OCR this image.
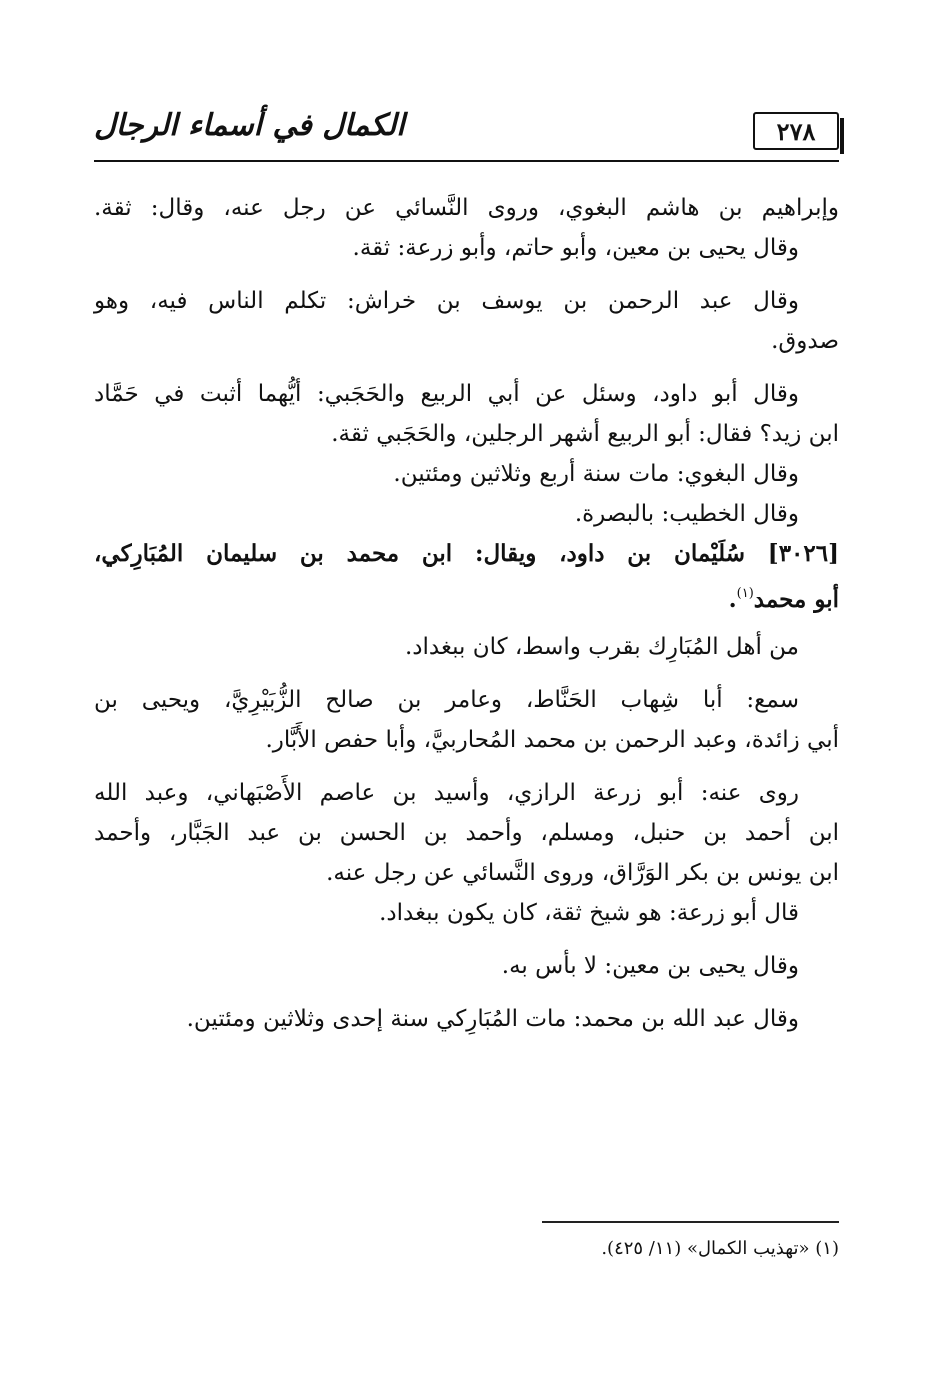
٢٧٨
الكمال في أسماء الرجال
وإبراهيم بن هاشم البغوي، وروى النَّسائي عن رجل عنه، وقال: ثقة.
وقال يحيى بن معين، وأبو حاتم، وأبو زرعة: ثقة.
وقال عبد الرحمن بن يوسف بن خراش: تكلم الناس فيه، وهو
صدوق.
وقال أبو داود، وسئل عن أبي الربيع والحَجَبي: أيُّهما أثبت في حَمَّاد
ابن زيد؟ فقال: أبو الربيع أشهر الرجلين، والحَجَبي ثقة.
وقال البغوي: مات سنة أربع وثلاثين ومئتين.
وقال الخطيب: بالبصرة.
[٣٠٢٦] سُلَيْمان بن داود، ويقال: ابن محمد بن سليمان المُبَارِكي،
أبو محمد$^{(١)}$.
من أهل المُبَارِك بقرب واسط، كان ببغداد.
سمع: أبا شِهاب الحَنَّاط، وعامر بن صالح الزُّبَيْرِيَّ، ويحيى بن
أبي زائدة، وعبد الرحمن بن محمد المُحاربيَّ، وأبا حفص الأَبَّار.
روى عنه: أبو زرعة الرازي، وأسيد بن عاصم الأَصْبَهاني، وعبد الله
ابن أحمد بن حنبل، ومسلم، وأحمد بن الحسن بن عبد الجَبَّار، وأحمد
ابن يونس بن بكر الوَرَّاق، وروى النَّسائي عن رجل عنه.
قال أبو زرعة: هو شيخ ثقة، كان يكون ببغداد.
وقال يحيى بن معين: لا بأس به.
وقال عبد الله بن محمد: مات المُبَارِكي سنة إحدى وثلاثين ومئتين.
(١) «تهذيب الكمال» (١١/ ٤٢٥).
